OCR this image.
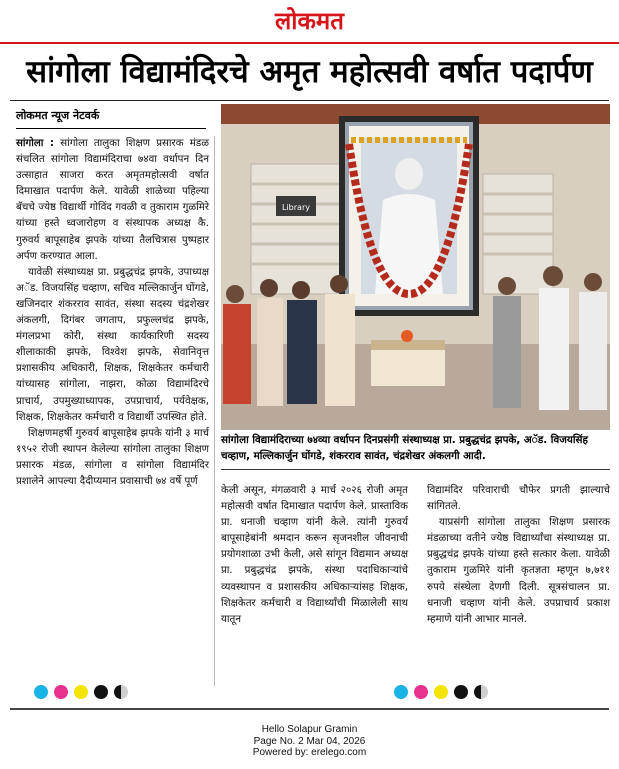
लोकमत
सांगोला विद्यामंदिरचे अमृत महोत्सवी वर्षात पदार्पण
लोकमत न्यूज नेटवर्क

सांगोला : सांगोला तालुका शिक्षण प्रसारक मंडळ संचलित सांगोला विद्यामंदिराचा ७४वा वर्धापन दिन उत्साहात साजरा करत अमृतमहोत्सवी वर्षात दिमाखात पदार्पण केले. यावेळी शाळेच्या पहिल्या बॅचचे ज्येष्ठ विद्यार्थी गोविंद गवळी व तुकाराम गुळमिरे यांच्या हस्ते ध्वजारोहण व संस्थापक अध्यक्ष कै. गुरुवर्य बापूसाहेब झपके यांच्या तैलचित्रास पुष्पहार अर्पण करण्यात आला.

यावेळी संस्थाध्यक्ष प्रा. प्रबुद्धचंद्र झपके, उपाध्यक्ष अॅड. विजयसिंह चव्हाण, सचिव मल्लिकार्जुन घोंगडे, खजिनदार शंकरराव सावंत, संस्था सदस्य चंद्रशेखर अंकलगी, दिगंबर जगताप, प्रफुल्लचंद्र झपके, मंगलप्रभा कोरी, संस्था कार्यकारिणी सदस्य शीलाकाकी झपके, विश्वेश झपके, सेवानिवृत्त प्रशासकीय अधिकारी, शिक्षक, शिक्षकेतर कर्मचारी यांच्यासह सांगोला, नाझरा, कोळा विद्यामंदिरचे प्राचार्य, उपमुख्याध्यापक, उपप्राचार्य, पर्यवेक्षक, शिक्षक, शिक्षकेतर कर्मचारी व विद्यार्थी उपस्थित होते.

शिक्षणमहर्षी गुरुवर्य बापूसाहेब झपके यांनी ३ मार्च १९५२ रोजी स्थापन केलेल्या सांगोला तालुका शिक्षण प्रसारक मंडळ, सांगोला व सांगोला विद्यामंदिर प्रशालेने आपल्या दैदीप्यमान प्रवासाची ७४ वर्षे पूर्ण

Library
सांगोला विद्यामंदिराच्या ७४व्या वर्धापन दिनप्रसंगी संस्थाध्यक्ष प्रा. प्रबुद्धचंद्र झपके, अॅड. विजयसिंह चव्हाण, मल्लिकार्जुन घोंगडे, शंकरराव सावंत, चंद्रशेखर अंकलगी आदी.

केली असून, मंगळवारी ३ मार्च २०२६ रोजी अमृत महोत्सवी वर्षात दिमाखात पदार्पण केले. प्रास्ताविक प्रा. धनाजी चव्हाण यांनी केले. त्यांनी गुरुवर्य बापूसाहेबांनी श्रमदान करून सृजनशील जीवनाची प्रयोगशाळा उभी केली, असे सांगून विद्यमान अध्यक्ष प्रा. प्रबुद्धचंद्र झपके, संस्था पदाधिकाऱ्यांचे व्यवस्थापन व प्रशासकीय अधिकाऱ्यांसह शिक्षक, शिक्षकेतर कर्मचारी व विद्यार्थ्यांची मिळालेली साथ यातून

विद्यामंदिर परिवाराची चौफेर प्रगती झाल्याचे सांगितले.

याप्रसंगी सांगोला तालुका शिक्षण प्रसारक मंडळाच्या वतीने ज्येष्ठ विद्यार्थ्यांचा संस्थाध्यक्ष प्रा. प्रबुद्धचंद्र झपके यांच्या हस्ते सत्कार केला. यावेळी तुकाराम गुळमिरे यांनी कृतज्ञता म्हणून ७,७११ रुपये संस्थेला देणगी दिली. सूत्रसंचालन प्रा. धनाजी चव्हाण यांनी केले. उपप्राचार्य प्रकाश म्हमाणे यांनी आभार मानले.

Hello Solapur Gramin
Page No. 2 Mar 04, 2026
Powered by: erelego.com
